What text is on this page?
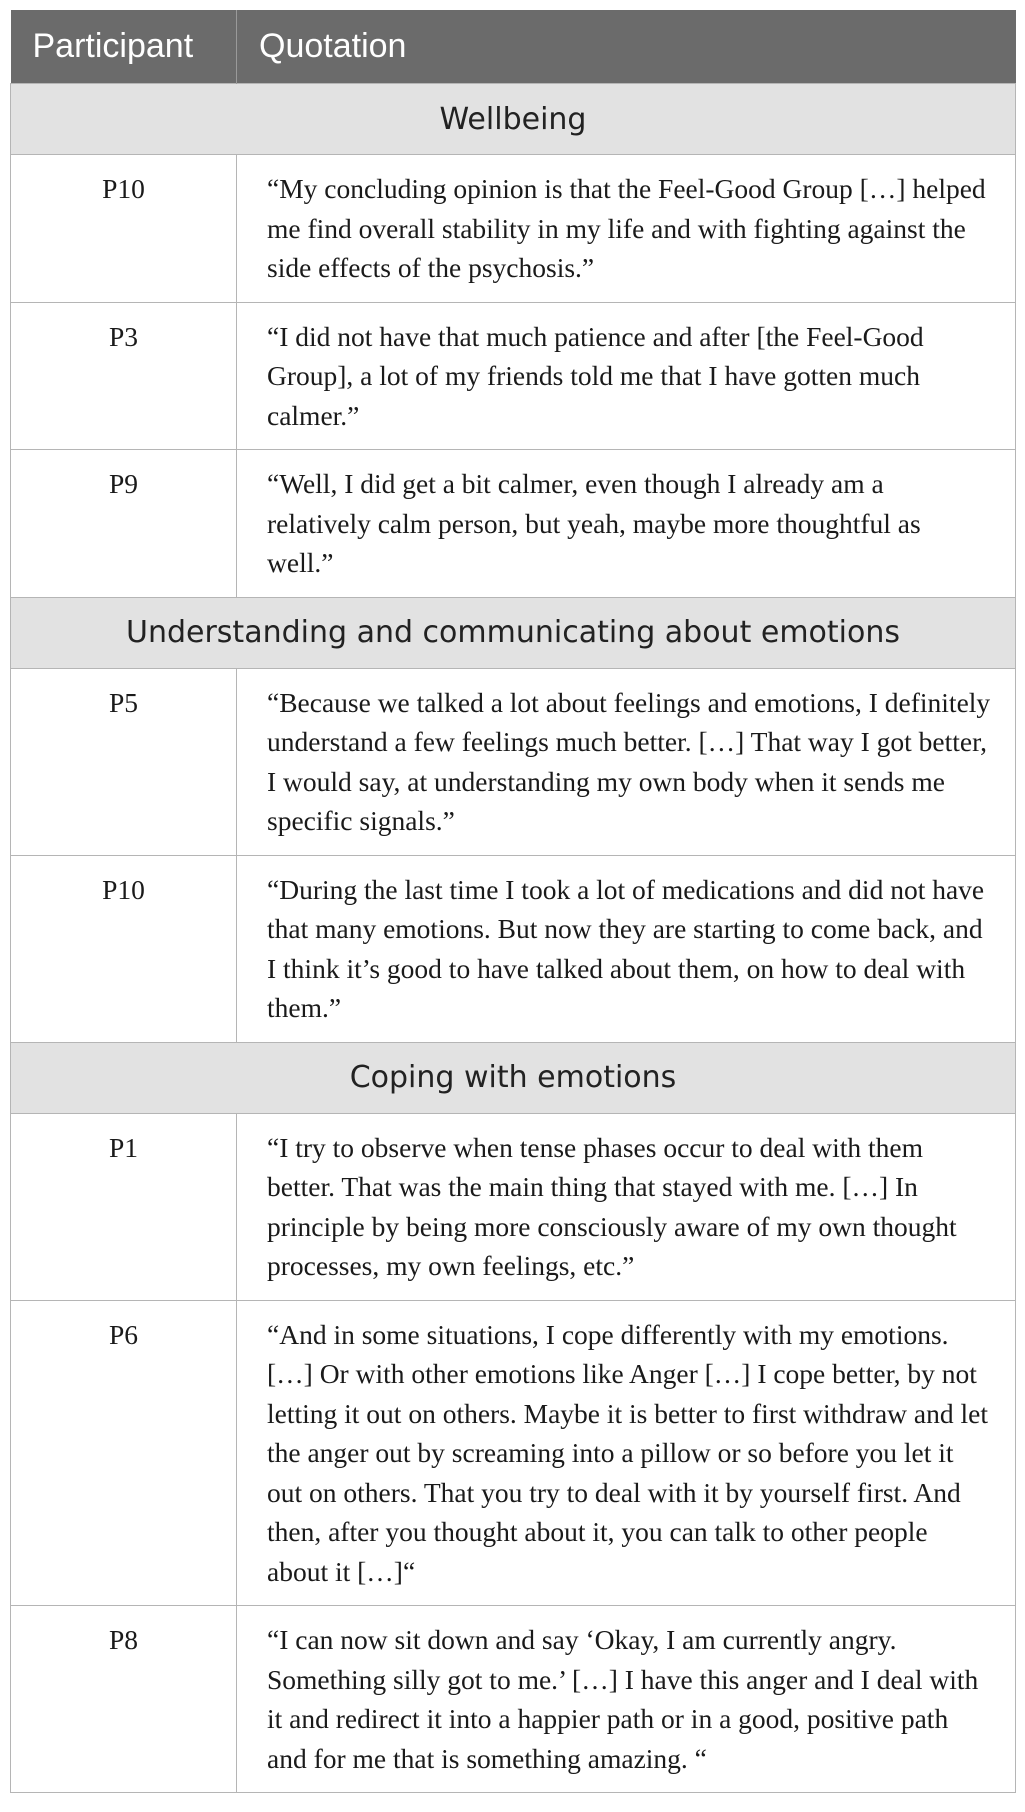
Participant	Quotation
Wellbeing	
P10	“My concluding opinion is that the Feel-Good Group […] helped me find overall stability in my life and with fighting against the side effects of the psychosis.”
P3	“I did not have that much patience and after [the Feel-Good Group], a lot of my friends told me that I have gotten much calmer.”
P9	“Well, I did get a bit calmer, even though I already am a relatively calm person, but yeah, maybe more thoughtful as well.”
Understanding and communicating about emotions	
P5	“Because we talked a lot about feelings and emotions, I definitely understand a few feelings much better. […] That way I got better, I would say, at understanding my own body when it sends me specific signals.”
P10	“During the last time I took a lot of medications and did not have that many emotions. But now they are starting to come back, and I think it’s good to have talked about them, on how to deal with them.”
Coping with emotions	
P1	“I try to observe when tense phases occur to deal with them better. That was the main thing that stayed with me. […] In principle by being more consciously aware of my own thought processes, my own feelings, etc.”
P6	“And in some situations, I cope differently with my emotions. […] Or with other emotions like Anger […] I cope better, by not letting it out on others. Maybe it is better to first withdraw and let the anger out by screaming into a pillow or so before you let it out on others. That you try to deal with it by yourself first. And then, after you thought about it, you can talk to other people about it […]“
P8	“I can now sit down and say ‘Okay, I am currently angry. Something silly got to me.’ […] I have this anger and I deal with it and redirect it into a happier path or in a good, positive path and for me that is something amazing. “
